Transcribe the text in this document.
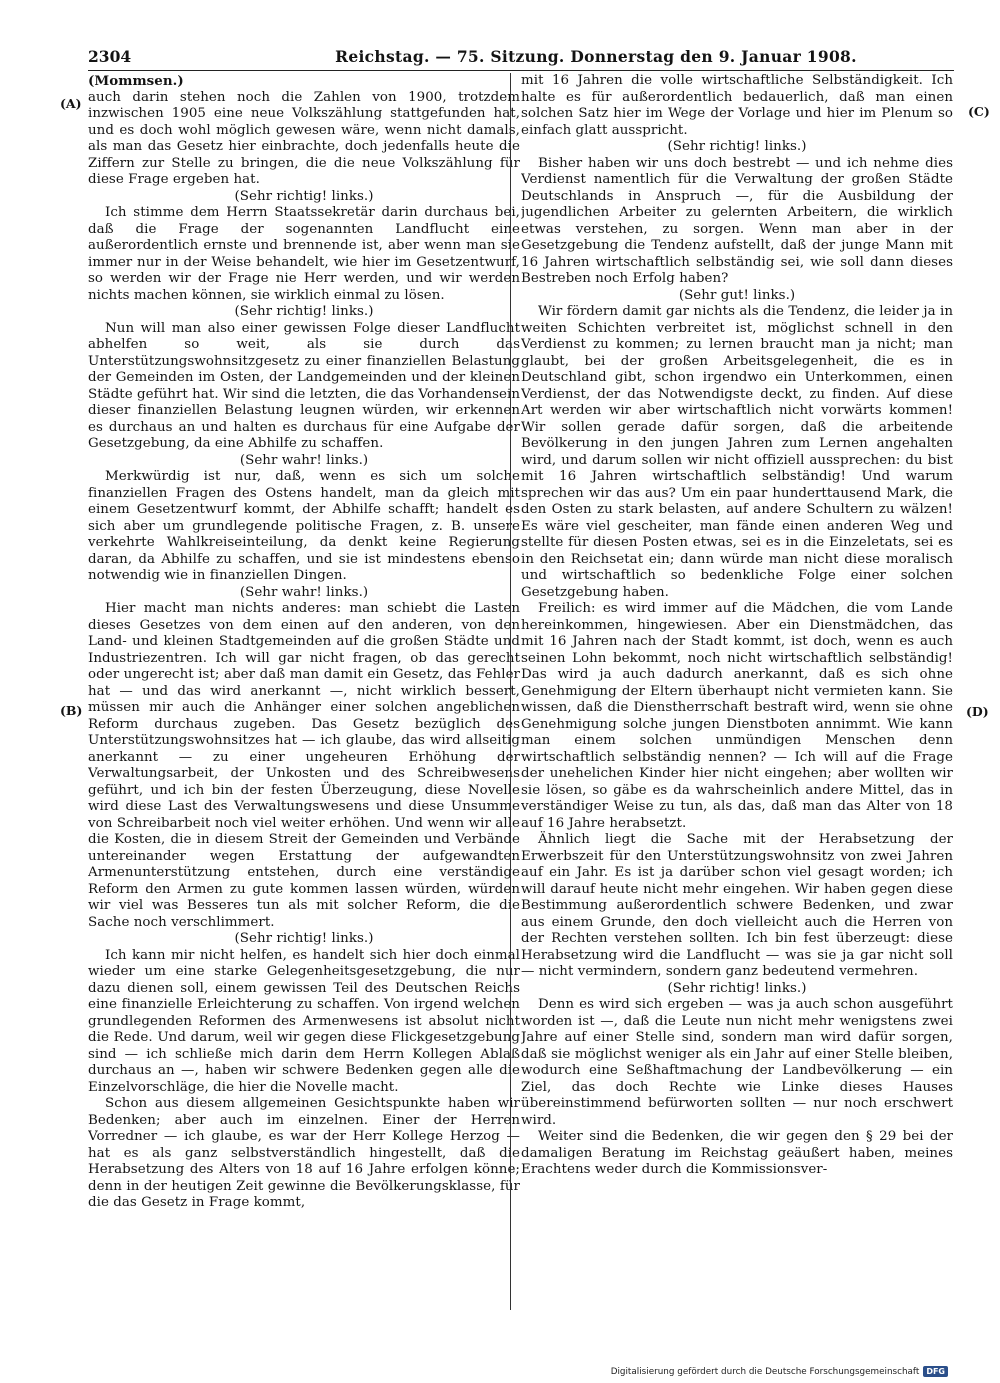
2304	Reichstag. — 75. Sitzung. Donnerstag den 9. Januar 1908.
(A)
(B)
(C)
(D)

(Mommsen.)

auch darin stehen noch die Zahlen von 1900, trotzdem inzwischen 1905 eine neue Volkszählung stattgefunden hat, und es doch wohl möglich gewesen wäre, wenn nicht damals, als man das Gesetz hier einbrachte, doch jedenfalls heute die Ziffern zur Stelle zu bringen, die die neue Volkszählung für diese Frage ergeben hat.

(Sehr richtig! links.)

Ich stimme dem Herrn Staatssekretär darin durchaus bei, daß die Frage der sogenannten Landflucht eine außerordentlich ernste und brennende ist, aber wenn man sie immer nur in der Weise behandelt, wie hier im Gesetzentwurf, so werden wir der Frage nie Herr werden, und wir werden nichts machen können, sie wirklich einmal zu lösen.

(Sehr richtig! links.)

Nun will man also einer gewissen Folge dieser Landflucht abhelfen so weit, als sie durch das Unterstützungswohnsitzgesetz zu einer finanziellen Belastung der Gemeinden im Osten, der Landgemeinden und der kleinen Städte geführt hat. Wir sind die letzten, die das Vorhandensein dieser finanziellen Belastung leugnen würden, wir erkennen es durchaus an und halten es durchaus für eine Aufgabe der Gesetzgebung, da eine Abhilfe zu schaffen.

(Sehr wahr! links.)

Merkwürdig ist nur, daß, wenn es sich um solche finanziellen Fragen des Ostens handelt, man da gleich mit einem Gesetzentwurf kommt, der Abhilfe schafft; handelt es sich aber um grundlegende politische Fragen, z. B. unsere verkehrte Wahlkreiseinteilung, da denkt keine Regierung daran, da Abhilfe zu schaffen, und sie ist mindestens ebenso notwendig wie in finanziellen Dingen.

(Sehr wahr! links.)

Hier macht man nichts anderes: man schiebt die Lasten dieses Gesetzes von dem einen auf den anderen, von den Land- und kleinen Stadtgemeinden auf die großen Städte und Industriezentren. Ich will gar nicht fragen, ob das gerecht oder ungerecht ist; aber daß man damit ein Gesetz, das Fehler hat — und das wird anerkannt —, nicht wirklich bessert, müssen mir auch die Anhänger einer solchen angeblichen Reform durchaus zugeben. Das Gesetz bezüglich des Unterstützungswohnsitzes hat — ich glaube, das wird allseitig anerkannt — zu einer ungeheuren Erhöhung der Verwaltungsarbeit, der Unkosten und des Schreibwesens geführt, und ich bin der festen Überzeugung, diese Novelle wird diese Last des Verwaltungswesens und diese Unsumme von Schreibarbeit noch viel weiter erhöhen. Und wenn wir alle die Kosten, die in diesem Streit der Gemeinden und Verbände untereinander wegen Erstattung der aufgewandten Armenunterstützung entstehen, durch eine verständige Reform den Armen zu gute kommen lassen würden, würden wir viel was Besseres tun als mit solcher Reform, die die Sache noch verschlimmert.

(Sehr richtig! links.)

Ich kann mir nicht helfen, es handelt sich hier doch einmal wieder um eine starke Gelegenheitsgesetzgebung, die nur dazu dienen soll, einem gewissen Teil des Deutschen Reichs eine finanzielle Erleichterung zu schaffen. Von irgend welchen grundlegenden Reformen des Armenwesens ist absolut nicht die Rede. Und darum, weil wir gegen diese Flickgesetzgebung sind — ich schließe mich darin dem Herrn Kollegen Ablaß durchaus an —, haben wir schwere Bedenken gegen alle die Einzelvorschläge, die hier die Novelle macht.

Schon aus diesem allgemeinen Gesichtspunkte haben wir Bedenken; aber auch im einzelnen. Einer der Herren Vorredner — ich glaube, es war der Herr Kollege Herzog — hat es als ganz selbstverständlich hingestellt, daß die Herabsetzung des Alters von 18 auf 16 Jahre erfolgen könne; denn in der heutigen Zeit gewinne die Bevölkerungsklasse, für die das Gesetz in Frage kommt,

mit 16 Jahren die volle wirtschaftliche Selbständigkeit. Ich halte es für außerordentlich bedauerlich, daß man einen solchen Satz hier im Wege der Vorlage und hier im Plenum so einfach glatt ausspricht.

(Sehr richtig! links.)

Bisher haben wir uns doch bestrebt — und ich nehme dies Verdienst namentlich für die Verwaltung der großen Städte Deutschlands in Anspruch —, für die Ausbildung der jugendlichen Arbeiter zu gelernten Arbeitern, die wirklich etwas verstehen, zu sorgen. Wenn man aber in der Gesetzgebung die Tendenz aufstellt, daß der junge Mann mit 16 Jahren wirtschaftlich selbständig sei, wie soll dann dieses Bestreben noch Erfolg haben?

(Sehr gut! links.)

Wir fördern damit gar nichts als die Tendenz, die leider ja in weiten Schichten verbreitet ist, möglichst schnell in den Verdienst zu kommen; zu lernen braucht man ja nicht; man glaubt, bei der großen Arbeitsgelegenheit, die es in Deutschland gibt, schon irgendwo ein Unterkommen, einen Verdienst, der das Notwendigste deckt, zu finden. Auf diese Art werden wir aber wirtschaftlich nicht vorwärts kommen! Wir sollen gerade dafür sorgen, daß die arbeitende Bevölkerung in den jungen Jahren zum Lernen angehalten wird, und darum sollen wir nicht offiziell aussprechen: du bist mit 16 Jahren wirtschaftlich selbständig! Und warum sprechen wir das aus? Um ein paar hunderttausend Mark, die den Osten zu stark belasten, auf andere Schultern zu wälzen! Es wäre viel gescheiter, man fände einen anderen Weg und stellte für diesen Posten etwas, sei es in die Einzeletats, sei es in den Reichsetat ein; dann würde man nicht diese moralisch und wirtschaftlich so bedenkliche Folge einer solchen Gesetzgebung haben.

Freilich: es wird immer auf die Mädchen, die vom Lande hereinkommen, hingewiesen. Aber ein Dienstmädchen, das mit 16 Jahren nach der Stadt kommt, ist doch, wenn es auch seinen Lohn bekommt, noch nicht wirtschaftlich selbständig! Das wird ja auch dadurch anerkannt, daß es sich ohne Genehmigung der Eltern überhaupt nicht vermieten kann. Sie wissen, daß die Dienstherrschaft bestraft wird, wenn sie ohne Genehmigung solche jungen Dienstboten annimmt. Wie kann man einem solchen unmündigen Menschen denn wirtschaftlich selbständig nennen? — Ich will auf die Frage der unehelichen Kinder hier nicht eingehen; aber wollten wir sie lösen, so gäbe es da wahrscheinlich andere Mittel, das in verständiger Weise zu tun, als das, daß man das Alter von 18 auf 16 Jahre herabsetzt.

Ähnlich liegt die Sache mit der Herabsetzung der Erwerbszeit für den Unterstützungswohnsitz von zwei Jahren auf ein Jahr. Es ist ja darüber schon viel gesagt worden; ich will darauf heute nicht mehr eingehen. Wir haben gegen diese Bestimmung außerordentlich schwere Bedenken, und zwar aus einem Grunde, den doch vielleicht auch die Herren von der Rechten verstehen sollten. Ich bin fest überzeugt: diese Herabsetzung wird die Landflucht — was sie ja gar nicht soll — nicht vermindern, sondern ganz bedeutend vermehren.

(Sehr richtig! links.)

Denn es wird sich ergeben — was ja auch schon ausgeführt worden ist —, daß die Leute nun nicht mehr wenigstens zwei Jahre auf einer Stelle sind, sondern man wird dafür sorgen, daß sie möglichst weniger als ein Jahr auf einer Stelle bleiben, wodurch eine Seßhaftmachung der Landbevölkerung — ein Ziel, das doch Rechte wie Linke dieses Hauses übereinstimmend befürworten sollten — nur noch erschwert wird.

Weiter sind die Bedenken, die wir gegen den § 29 bei der damaligen Beratung im Reichstag geäußert haben, meines Erachtens weder durch die Kommissionsver-

Digitalisierung gefördert durch die Deutsche Forschungsgemeinschaft DFG
